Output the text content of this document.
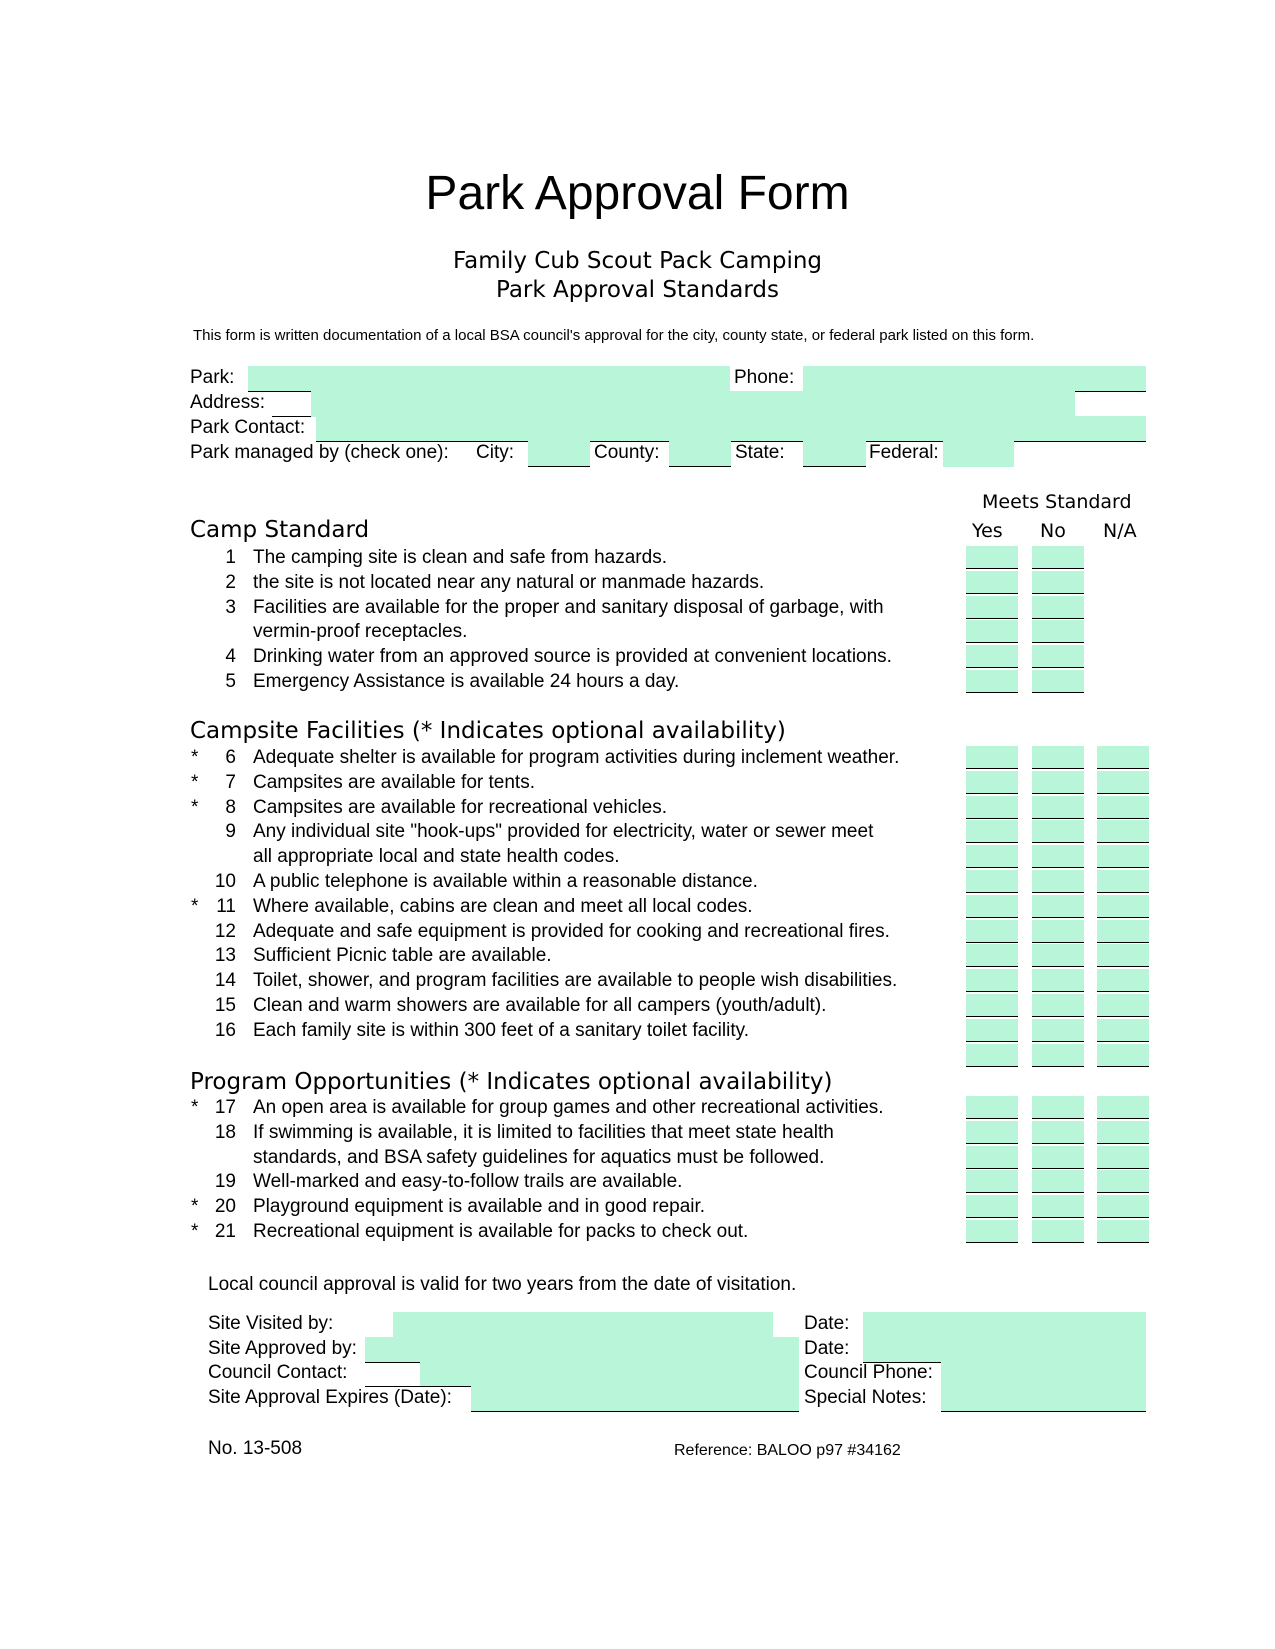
Park Approval Form
Family Cub Scout Pack Camping
Park Approval Standards
This form is written documentation of a local BSA council's approval for the city, county state, or federal park listed on this form.
Park:	Phone:
Address:
Park Contact:
Park managed by (check one): City:	County:	State:	Federal:
Meets Standard
Yes No N/A
Camp Standard
Campsite Facilities (* Indicates optional availability)
Program Opportunities (* Indicates optional availability)
1 The camping site is clean and safe from hazards.
2 the site is not located near any natural or manmade hazards.
3 Facilities are available for the proper and sanitary disposal of garbage, with
vermin-proof receptacles.
4 Drinking water from an approved source is provided at convenient locations.
5 Emergency Assistance is available 24 hours a day.
*	6 Adequate shelter is available for program activities during inclement weather.
*	7 Campsites are available for tents.
*	8 Campsites are available for recreational vehicles.
9 Any individual site "hook-ups" provided for electricity, water or sewer meet
all appropriate local and state health codes.
10 A public telephone is available within a reasonable distance.
* 11 Where available, cabins are clean and meet all local codes.
12 Adequate and safe equipment is provided for cooking and recreational fires.
13 Sufficient Picnic table are available.
14 Toilet, shower, and program facilities are available to people wish disabilities.
15 Clean and warm showers are available for all campers (youth/adult).
16 Each family site is within 300 feet of a sanitary toilet facility.
* 17 An open area is available for group games and other recreational activities.
18 If swimming is available, it is limited to facilities that meet state health
standards, and BSA safety guidelines for aquatics must be followed.
19 Well-marked and easy-to-follow trails are available.
* 20 Playground equipment is available and in good repair.
* 21 Recreational equipment is available for packs to check out.
Local council approval is valid for two years from the date of visitation.
Site Visited by:	Date:
Site Approved by:	Date:
Council Contact:	Council Phone:
Site Approval Expires (Date):	Special Notes:
No. 13-508	Reference: BALOO p97 #34162
